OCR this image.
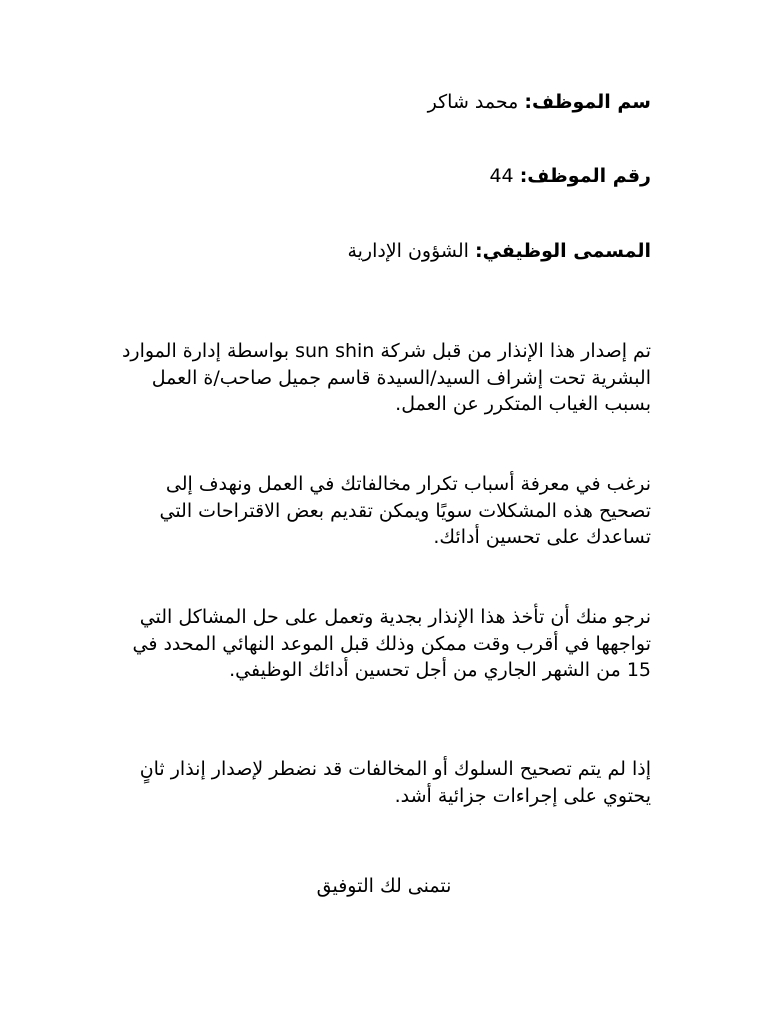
سم الموظف: محمد شاكر
رقم الموظف: 44
المسمى الوظيفي: الشؤون الإدارية

تم إصدار هذا الإنذار من قبل شركة sun shin بواسطة إدارة الموارد البشرية تحت إشراف السيد/السيدة قاسم جميل صاحب/ة العمل بسبب الغياب المتكرر عن العمل.

نرغب في معرفة أسباب تكرار مخالفاتك في العمل ونهدف إلى تصحيح هذه المشكلات سويًا ويمكن تقديم بعض الاقتراحات التي تساعدك على تحسين أدائك.

نرجو منك أن تأخذ هذا الإنذار بجدية وتعمل على حل المشاكل التي تواجهها في أقرب وقت ممكن وذلك قبل الموعد النهائي المحدد في 15 من الشهر الجاري من أجل تحسين أدائك الوظيفي.

إذا لم يتم تصحيح السلوك أو المخالفات قد نضطر لإصدار إنذار ثانٍ يحتوي على إجراءات جزائية أشد.

نتمنى لك التوفيق
